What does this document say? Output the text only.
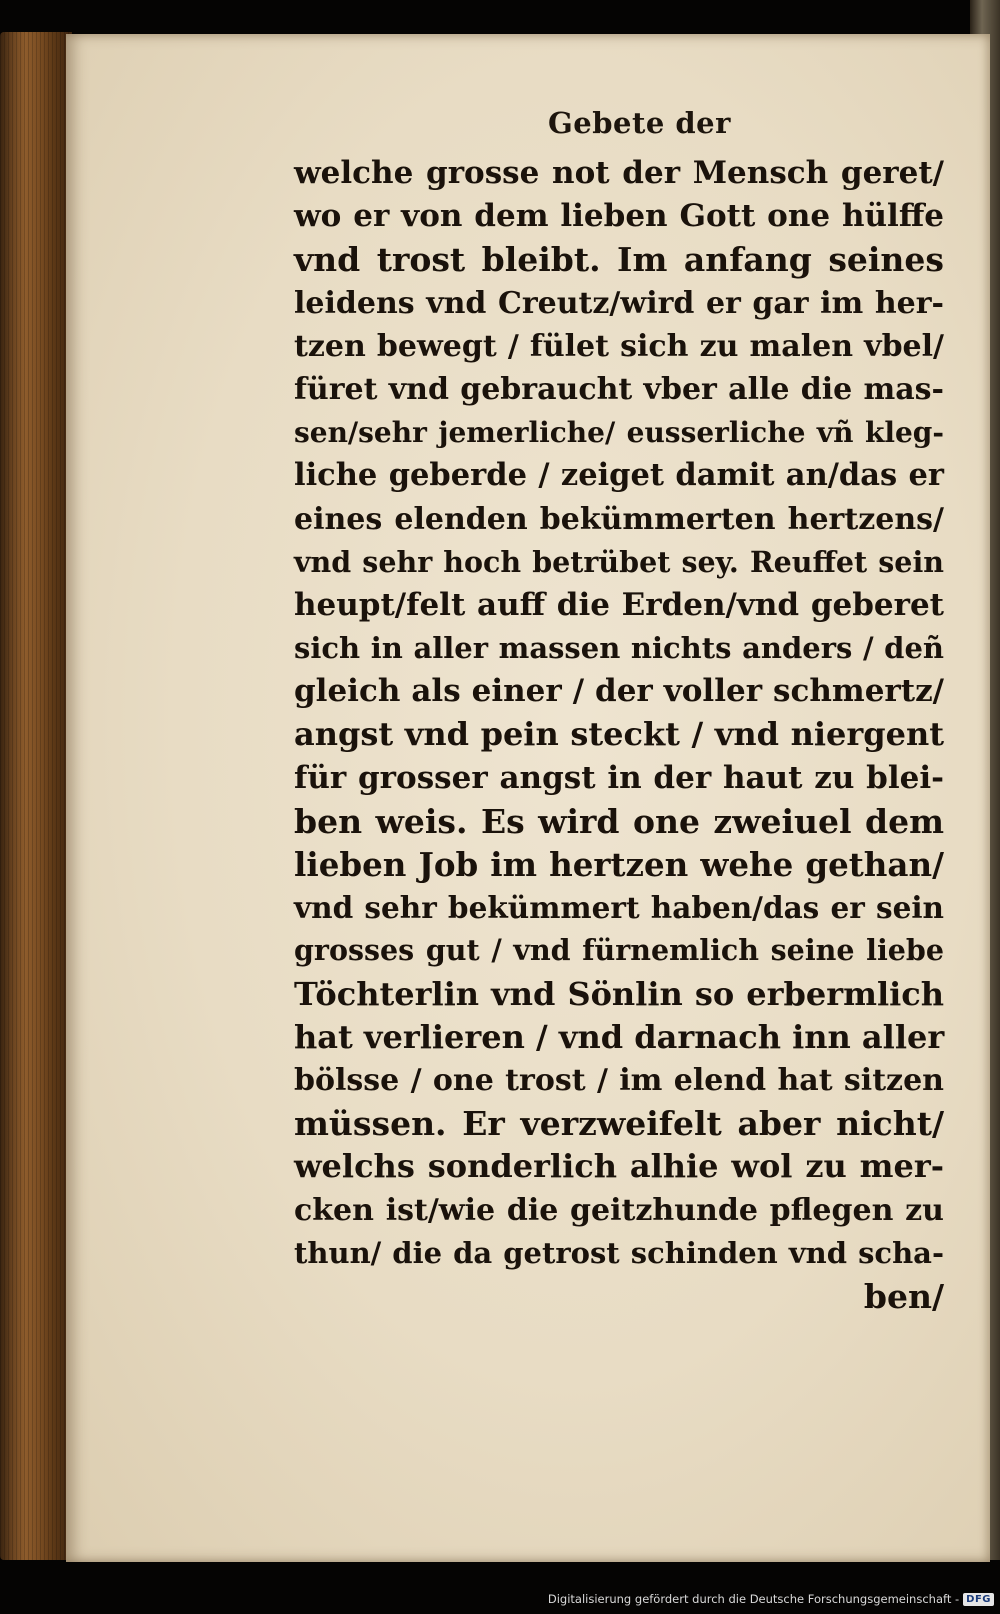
Gebete der
welche grosse not der Mensch geret/
wo er von dem lieben Gott one hülffe
vnd trost bleibt. Im anfang seines
leidens vnd Creutz/wird er gar im her-
tzen bewegt / fület sich zu malen vbel/
füret vnd gebraucht vber alle die mas-
sen/sehr jemerliche/ eusserliche vñ kleg-
liche geberde / zeiget damit an/das er
eines elenden bekümmerten hertzens/
vnd sehr hoch betrübet sey. Reuffet sein
heupt/felt auff die Erden/vnd geberet
sich in aller massen nichts anders / deñ
gleich als einer / der voller schmertz/
angst vnd pein steckt / vnd niergent
für grosser angst in der haut zu blei-
ben weis. Es wird one zweiuel dem
lieben Job im hertzen wehe gethan/
vnd sehr bekümmert haben/das er sein
grosses gut / vnd fürnemlich seine liebe
Töchterlin vnd Sönlin so erbermlich
hat verlieren / vnd darnach inn aller
bölsse / one trost / im elend hat sitzen
müssen. Er verzweifelt aber nicht/
welchs sonderlich alhie wol zu mer-
cken ist/wie die geitzhunde pflegen zu
thun/ die da getrost schinden vnd scha-
ben/
Digitalisierung gefördert durch die Deutsche Forschungsgemeinschaft - DFG
